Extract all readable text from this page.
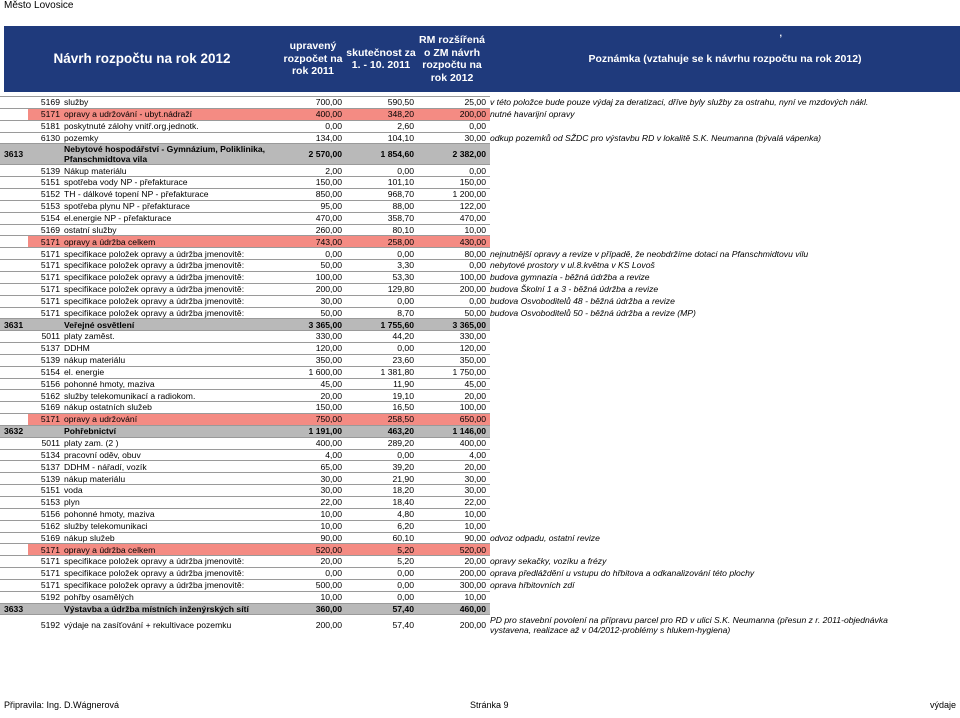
Město Lovosice
Návrh rozpočtu na rok 2012
upravený rozpočet na rok 2011
skutečnost za 1. - 10. 2011
RM rozšířená o ZM návrh rozpočtu na rok 2012
Poznámka (vztahuje se k návrhu rozpočtu na rok 2012)
,
	5169	služby	700,00	590,50	25,00	v této položce bude pouze výdaj za deratizaci, dříve byly služby za ostrahu, nyní ve mzdových nákl.
	5171	opravy a udržování - ubyt.nádraží	400,00	348,20	200,00	nutné havarijní opravy
	5181	poskytnuté zálohy vnitř.org.jednotk.	0,00	2,60	0,00	
	6130	pozemky	134,00	104,10	30,00	odkup pozemků od SŽDC pro výstavbu RD v lokalitě S.K. Neumanna (bývalá vápenka)
3613		Nebytové hospodářství - Gymnázium, Poliklinika, Pfanschmidtova vila	2 570,00	1 854,60	2 382,00	
	5139	Nákup materiálu	2,00	0,00	0,00	
	5151	spotřeba vody NP - přefakturace	150,00	101,10	150,00	
	5152	TH - dálkové topení NP - přefakturace	850,00	968,70	1 200,00	
	5153	spotřeba plynu NP - přefakturace	95,00	88,00	122,00	
	5154	el.energie NP - přefakturace	470,00	358,70	470,00	
	5169	ostatní služby	260,00	80,10	10,00	
	5171	opravy a údržba celkem	743,00	258,00	430,00	
	5171	specifikace položek opravy a údržba jmenovitě:	0,00	0,00	80,00	nejnutnější opravy a revize v případě, že neobdržíme dotaci na Pfanschmidtovu vilu
	5171	specifikace položek opravy a údržba jmenovitě:	50,00	3,30	0,00	nebytové prostory v ul.8.května v KS Lovoš
	5171	specifikace položek opravy a údržba jmenovitě:	100,00	53,30	100,00	budova gymnazia - běžná údržba a revize
	5171	specifikace položek opravy a údržba jmenovitě:	200,00	129,80	200,00	budova Školní 1 a 3 - běžná údržba a revize
	5171	specifikace položek opravy a údržba jmenovitě:	30,00	0,00	0,00	budova Osvoboditelů 48 - běžná údržba a revize
	5171	specifikace položek opravy a údržba jmenovitě:	50,00	8,70	50,00	budova Osvoboditelů 50 - běžná údržba a revize (MP)
3631		Veřejné osvětlení	3 365,00	1 755,60	3 365,00	
	5011	platy zaměst.	330,00	44,20	330,00	
	5137	DDHM	120,00	0,00	120,00	
	5139	nákup materiálu	350,00	23,60	350,00	
	5154	el. energie	1 600,00	1 381,80	1 750,00	
	5156	pohonné hmoty, maziva	45,00	11,90	45,00	
	5162	služby telekomunikací a radiokom.	20,00	19,10	20,00	
	5169	nákup ostatních služeb	150,00	16,50	100,00	
	5171	opravy a udržování	750,00	258,50	650,00	
3632		Pohřebnictví	1 191,00	463,20	1 146,00	
	5011	platy zam. (2 )	400,00	289,20	400,00	
	5134	pracovní oděv, obuv	4,00	0,00	4,00	
	5137	DDHM - nářadí, vozík	65,00	39,20	20,00	
	5139	nákup materiálu	30,00	21,90	30,00	
	5151	voda	30,00	18,20	30,00	
	5153	plyn	22,00	18,40	22,00	
	5156	pohonné hmoty, maziva	10,00	4,80	10,00	
	5162	služby telekomunikaci	10,00	6,20	10,00	
	5169	nákup služeb	90,00	60,10	90,00	odvoz odpadu, ostatní revize
	5171	opravy a údržba celkem	520,00	5,20	520,00	
	5171	specifikace položek opravy a údržba jmenovitě:	20,00	5,20	20,00	opravy sekačky, vozíku a frézy
	5171	specifikace položek opravy a údržba jmenovitě:	0,00	0,00	200,00	oprava předláždění u vstupu do hřbitova a odkanalizování této plochy
	5171	specifikace položek opravy a údržba jmenovitě:	500,00	0,00	300,00	oprava hřbitovních zdí
	5192	pohřby osamělých	10,00	0,00	10,00	
3633		Výstavba a údržba místních inženýrských sítí	360,00	57,40	460,00	
	5192	výdaje na zasíťování + rekultivace pozemku	200,00	57,40	200,00	PD pro stavební povolení na přípravu parcel pro RD v ulici S.K. Neumanna (přesun z r. 2011-objednávka vystavena, realizace až v 04/2012-problémy s hlukem-hygiena)
Připravila: Ing. D.Wágnerová	Stránka 9	výdaje
